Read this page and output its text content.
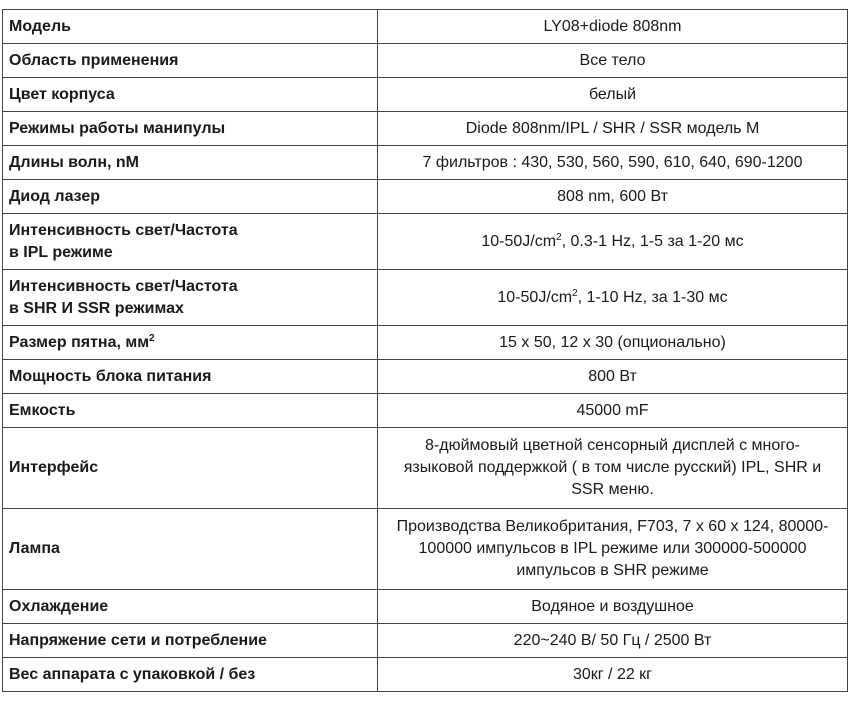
Модель	LY08+diode 808nm
Область применения	Все тело
Цвет корпуса	белый
Режимы работы манипулы	Diode 808nm/IPL / SHR / SSR модель M
Длины волн, nM	7 фильтров : 430, 530, 560, 590, 610, 640, 690-1200
Диод лазер	808 nm, 600 Вт

Интенсивность свет/Частота
в IPL режиме	$10-50J/cm^2$, 0.3-1 Hz, 1-5 за 1-20 мс

Интенсивность свет/Частота
в SHR И SSR режимах	$10-50J/cm^2$, 1-10 Hz, за 1-30 мс
Размер пятна, $мм^2$	15 x 50, 12 x 30 (опционально)
Мощность блока питания	800 Вт
Емкость	45000 mF
Интерфейс	8-дюймовый цветной сенсорный дисплей с много-языковой поддержкой ( в том числе русский) IPL, SHR и SSR меню.
Лампа	Производства Великобритания, F703, 7 x 60 x 124, 80000-100000 импульсов в IPL режиме или 300000-500000 импульсов в SHR режиме
Охлаждение	Водяное и воздушное
Напряжение сети и потребление	220~240 В/ 50 Гц / 2500 Вт
Вес аппарата с упаковкой / без	30кг / 22 кг
